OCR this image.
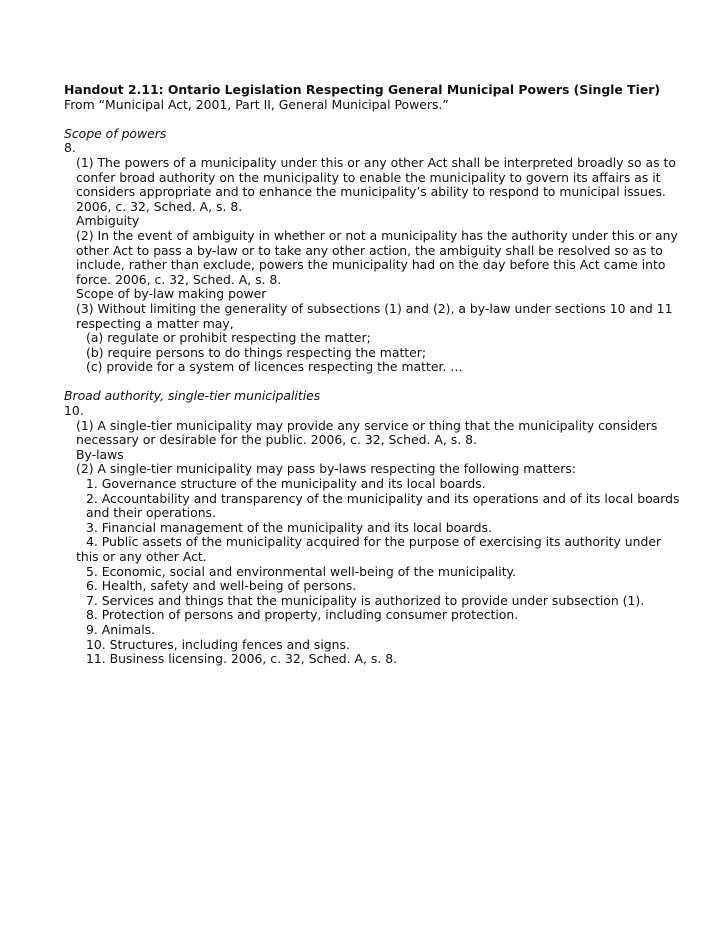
Handout 2.11: Ontario Legislation Respecting General Municipal Powers (Single Tier)
From “Municipal Act, 2001, Part II, General Municipal Powers.”
Scope of powers
8.
(1) The powers of a municipality under this or any other Act shall be interpreted broadly so as to
confer broad authority on the municipality to enable the municipality to govern its affairs as it
considers appropriate and to enhance the municipality’s ability to respond to municipal issues.
2006, c. 32, Sched. A, s. 8.
Ambiguity
(2) In the event of ambiguity in whether or not a municipality has the authority under this or any
other Act to pass a by-law or to take any other action, the ambiguity shall be resolved so as to
include, rather than exclude, powers the municipality had on the day before this Act came into
force. 2006, c. 32, Sched. A, s. 8.
Scope of by-law making power
(3) Without limiting the generality of subsections (1) and (2), a by-law under sections 10 and 11
respecting a matter may,
(a) regulate or prohibit respecting the matter;
(b) require persons to do things respecting the matter;
(c) provide for a system of licences respecting the matter. …
Broad authority, single-tier municipalities
10.
(1) A single-tier municipality may provide any service or thing that the municipality considers
necessary or desirable for the public. 2006, c. 32, Sched. A, s. 8.
By-laws
(2) A single-tier municipality may pass by-laws respecting the following matters:
1. Governance structure of the municipality and its local boards.
2. Accountability and transparency of the municipality and its operations and of its local boards
and their operations.
3. Financial management of the municipality and its local boards.
4. Public assets of the municipality acquired for the purpose of exercising its authority under
this or any other Act.
5. Economic, social and environmental well-being of the municipality.
6. Health, safety and well-being of persons.
7. Services and things that the municipality is authorized to provide under subsection (1).
8. Protection of persons and property, including consumer protection.
9. Animals.
10. Structures, including fences and signs.
11. Business licensing. 2006, c. 32, Sched. A, s. 8.
